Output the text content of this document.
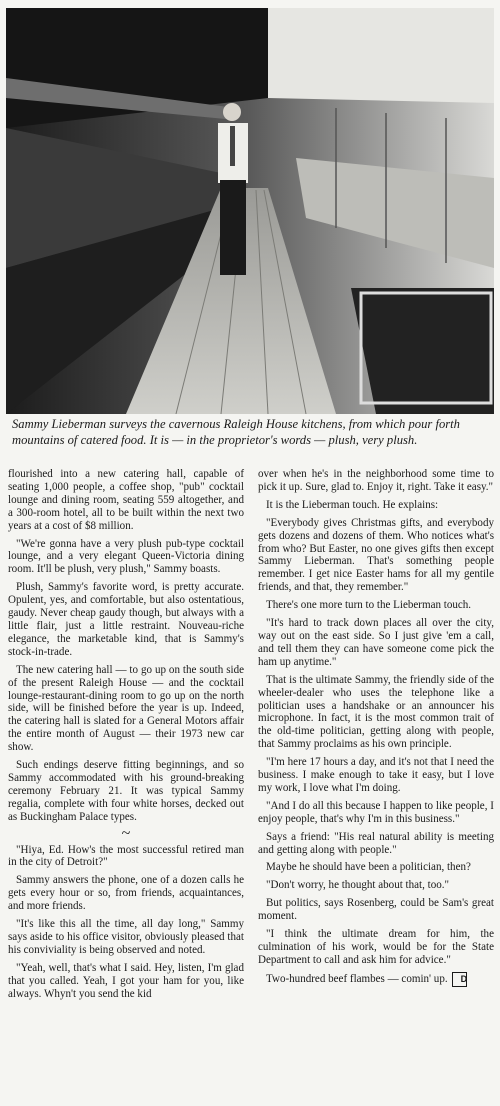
Sammy Lieberman surveys the cavernous Raleigh House kitchens, from which pour forth mountains of catered food. It is — in the proprietor's words — plush, very plush.

flourished into a new catering hall, capable of seating 1,000 people, a coffee shop, "pub" cocktail lounge and dining room, seating 559 altogether, and a 300-room hotel, all to be built within the next two years at a cost of $8 million.

"We're gonna have a very plush pub-type cocktail lounge, and a very elegant Queen-Victoria dining room. It'll be plush, very plush," Sammy boasts.

Plush, Sammy's favorite word, is pretty accurate. Opulent, yes, and comfortable, but also ostentatious, gaudy. Never cheap gaudy though, but always with a little flair, just a little restraint. Nouveau-riche elegance, the marketable kind, that is Sammy's stock-in-trade.

The new catering hall — to go up on the south side of the present Raleigh House — and the cocktail lounge-restaurant-dining room to go up on the north side, will be finished before the year is up. Indeed, the catering hall is slated for a General Motors affair the entire month of August — their 1973 new car show.

Such endings deserve fitting beginnings, and so Sammy accommodated with his ground-breaking ceremony February 21. It was typical Sammy regalia, complete with four white horses, decked out as Buckingham Palace types.

~

"Hiya, Ed. How's the most successful retired man in the city of Detroit?"

Sammy answers the phone, one of a dozen calls he gets every hour or so, from friends, acquaintances, and more friends.

"It's like this all the time, all day long," Sammy says aside to his office visitor, obviously pleased that his conviviality is being observed and noted.

"Yeah, well, that's what I said. Hey, listen, I'm glad that you called. Yeah, I got your ham for you, like always. Whyn't you send the kid

over when he's in the neighborhood some time to pick it up. Sure, glad to. Enjoy it, right. Take it easy."

It is the Lieberman touch. He explains:

"Everybody gives Christmas gifts, and everybody gets dozens and dozens of them. Who notices what's from who? But Easter, no one gives gifts then except Sammy Lieberman. That's something people remember. I get nice Easter hams for all my gentile friends, and that, they remember."

There's one more turn to the Lieberman touch.

"It's hard to track down places all over the city, way out on the east side. So I just give 'em a call, and tell them they can have someone come pick the ham up anytime."

That is the ultimate Sammy, the friendly side of the wheeler-dealer who uses the telephone like a politician uses a handshake or an announcer his microphone. In fact, it is the most common trait of the old-time politician, getting along with people, that Sammy proclaims as his own principle.

"I'm here 17 hours a day, and it's not that I need the business. I make enough to take it easy, but I love my work, I love what I'm doing.

"And I do all this because I happen to like people, I enjoy people, that's why I'm in this business."

Says a friend: "His real natural ability is meeting and getting along with people."

Maybe he should have been a politician, then?

"Don't worry, he thought about that, too."

But politics, says Rosenberg, could be Sam's great moment.

"I think the ultimate dream for him, the culmination of his work, would be for the State Department to call and ask him for advice."

Two-hundred beef flambes — comin' up. D
